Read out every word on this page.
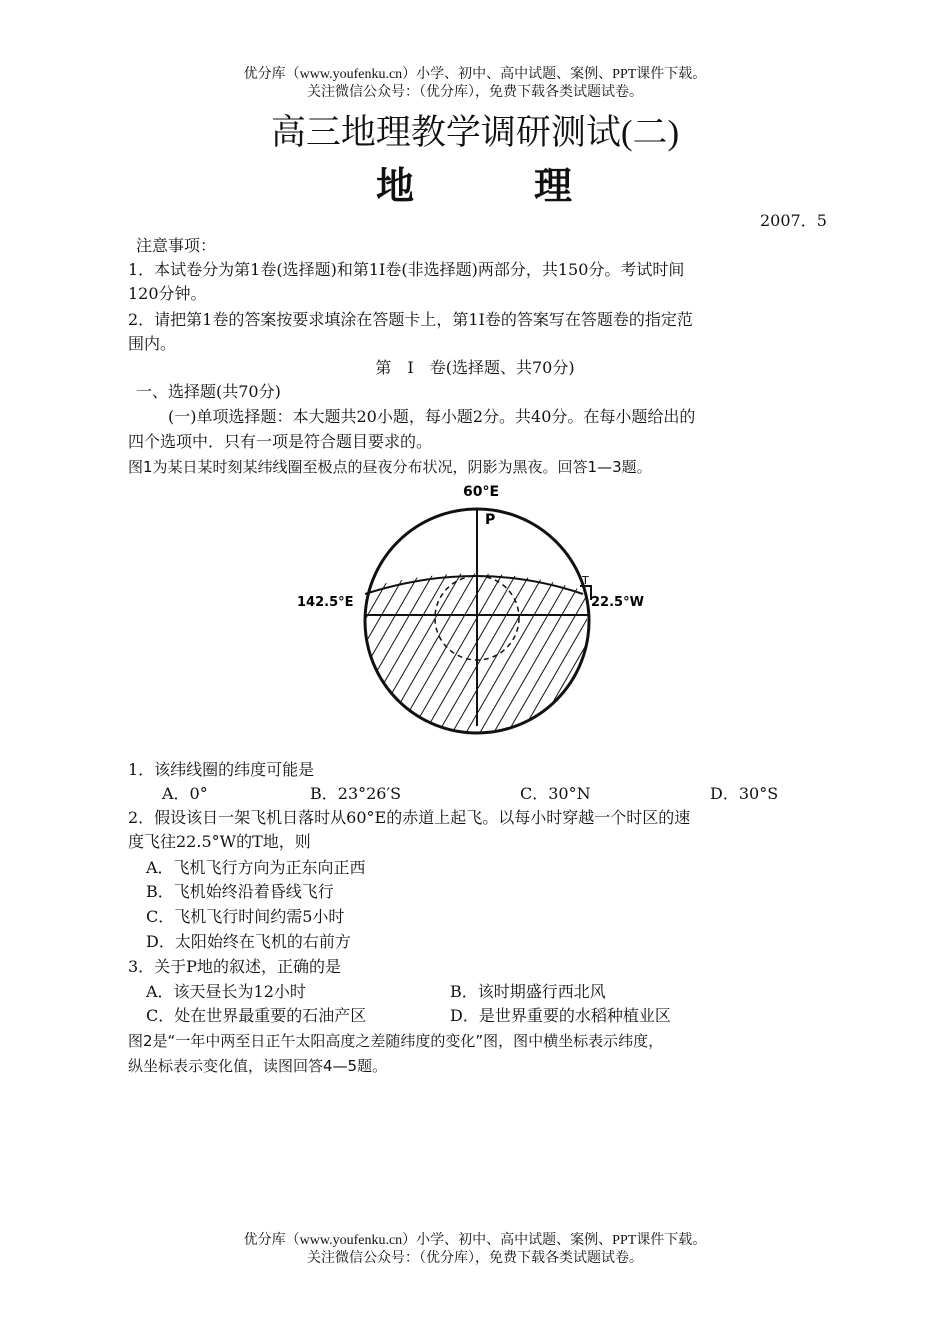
优分库（www.youfenku.cn）小学、初中、高中试题、案例、PPT课件下载。
关注微信公众号：（优分库），免费下载各类试题试卷。
高三地理教学调研测试(二)
地	理
2007．5
注意事项：
1．本试卷分为第1卷(选择题)和第1I卷(非选择题)两部分，共150分。考试时间
120分钟。
2．请把第1卷的答案按要求填涂在答题卡上，第1I卷的答案写在答题卷的指定范
围内。
第　Ⅰ　卷(选择题、共70分)
一、选择题(共70分)
(一)单项选择题：本大题共20小题，每小题2分。共40分。在每小题给出的
四个选项中．只有一项是符合题目要求的。
图1为某日某时刻某纬线圈至极点的昼夜分布状况，阴影为黑夜。回答1—3题。
60°E
P
142.5°E	22.5°W
T
1．该纬线圈的纬度可能是
A．0°	B．23°26′S	C．30°N	D．30°S
2．假设该日一架飞机日落时从60°E的赤道上起飞。以每小时穿越一个时区的速
度飞往22.5°W的T地，则
A．飞机飞行方向为正东向正西
B．飞机始终沿着昏线飞行
C．飞机飞行时间约需5小时
D．太阳始终在飞机的右前方
3．关于P地的叙述，正确的是
A．该天昼长为12小时	B．该时期盛行西北风
C．处在世界最重要的石油产区	D．是世界重要的水稻种植业区
图2是“一年中两至日正午太阳高度之差随纬度的变化”图，图中横坐标表示纬度，
纵坐标表示变化值，读图回答4—5题。
优分库（www.youfenku.cn）小学、初中、高中试题、案例、PPT课件下载。
关注微信公众号：（优分库），免费下载各类试题试卷。
